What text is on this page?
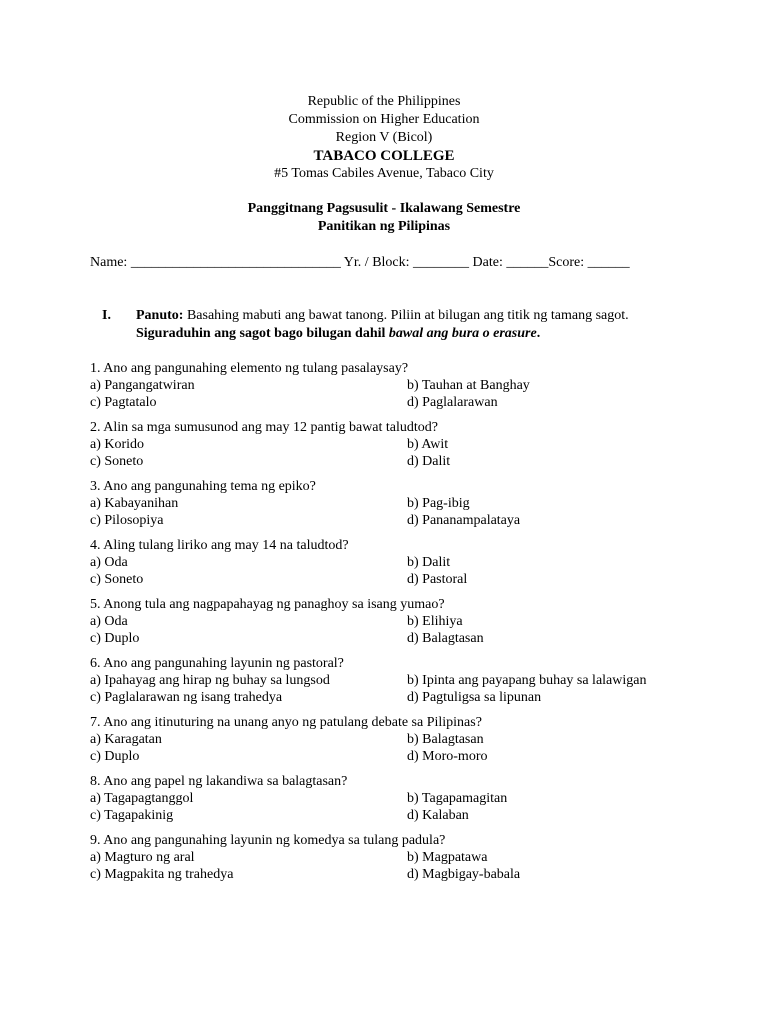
Republic of the Philippines
Commission on Higher Education
Region V (Bicol)
TABACO COLLEGE
#5 Tomas Cabiles Avenue, Tabaco City
Panggitnang Pagsusulit - Ikalawang Semestre
Panitikan ng Pilipinas
Name: ______________________________ Yr. / Block: ________ Date: ______Score: ______
I. Panuto: Basahing mabuti ang bawat tanong. Piliin at bilugan ang titik ng tamang sagot.
Siguraduhin ang sagot bago bilugan dahil bawal ang bura o erasure.
1. Ano ang pangunahing elemento ng tulang pasalaysay?
a) Pangangatwiran	b) Tauhan at Banghay
c) Pagtatalo	d) Paglalarawan
2. Alin sa mga sumusunod ang may 12 pantig bawat taludtod?
a) Korido	b) Awit
c) Soneto	d) Dalit
3. Ano ang pangunahing tema ng epiko?
a) Kabayanihan	b) Pag-ibig
c) Pilosopiya	d) Pananampalataya
4. Aling tulang liriko ang may 14 na taludtod?
a) Oda	b) Dalit
c) Soneto	d) Pastoral
5. Anong tula ang nagpapahayag ng panaghoy sa isang yumao?
a) Oda	b) Elihiya
c) Duplo	d) Balagtasan
6. Ano ang pangunahing layunin ng pastoral?
a) Ipahayag ang hirap ng buhay sa lungsod	b) Ipinta ang payapang buhay sa lalawigan
c) Paglalarawan ng isang trahedya	d) Pagtuligsa sa lipunan
7. Ano ang itinuturing na unang anyo ng patulang debate sa Pilipinas?
a) Karagatan	b) Balagtasan
c) Duplo	d) Moro-moro
8. Ano ang papel ng lakandiwa sa balagtasan?
a) Tagapagtanggol	b) Tagapamagitan
c) Tagapakinig	d) Kalaban
9. Ano ang pangunahing layunin ng komedya sa tulang padula?
a) Magturo ng aral	b) Magpatawa
c) Magpakita ng trahedya	d) Magbigay-babala
